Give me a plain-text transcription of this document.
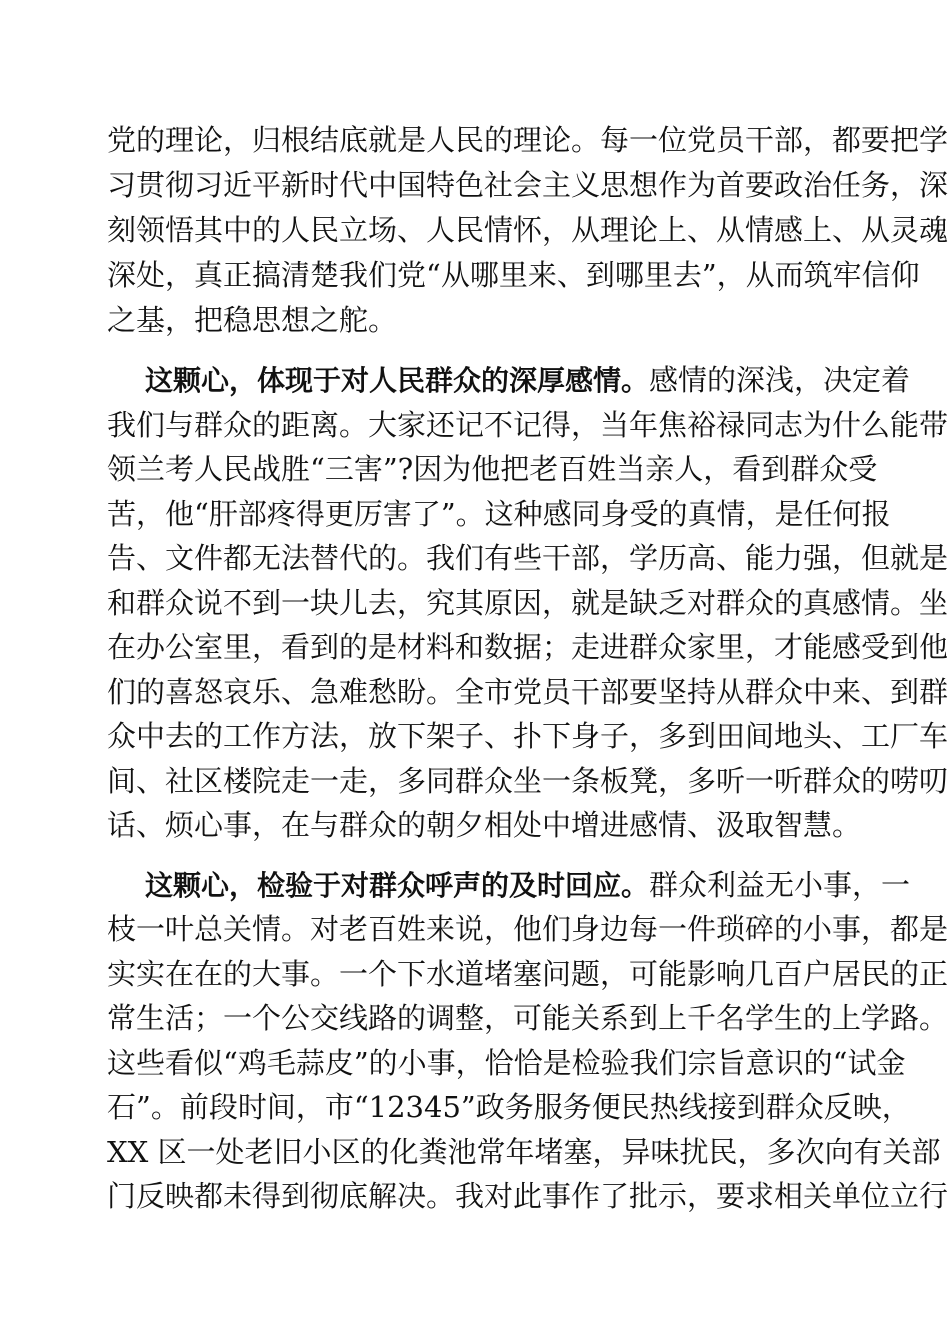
党的理论，归根结底就是人民的理论。每一位党员干部，都要把学
习贯彻习近平新时代中国特色社会主义思想作为首要政治任务，深
刻领悟其中的人民立场、人民情怀，从理论上、从情感上、从灵魂
深处，真正搞清楚我们党“从哪里来、到哪里去”，从而筑牢信仰
之基，把稳思想之舵。
这颗心，体现于对人民群众的深厚感情。感情的深浅，决定着
我们与群众的距离。大家还记不记得，当年焦裕禄同志为什么能带
领兰考人民战胜“三害”?因为他把老百姓当亲人，看到群众受
苦，他“肝部疼得更厉害了”。这种感同身受的真情，是任何报
告、文件都无法替代的。我们有些干部，学历高、能力强，但就是
和群众说不到一块儿去，究其原因，就是缺乏对群众的真感情。坐
在办公室里，看到的是材料和数据；走进群众家里，才能感受到他
们的喜怒哀乐、急难愁盼。全市党员干部要坚持从群众中来、到群
众中去的工作方法，放下架子、扑下身子，多到田间地头、工厂车
间、社区楼院走一走，多同群众坐一条板凳，多听一听群众的唠叨
话、烦心事，在与群众的朝夕相处中增进感情、汲取智慧。
这颗心，检验于对群众呼声的及时回应。群众利益无小事，一
枝一叶总关情。对老百姓来说，他们身边每一件琐碎的小事，都是
实实在在的大事。一个下水道堵塞问题，可能影响几百户居民的正
常生活；一个公交线路的调整，可能关系到上千名学生的上学路。
这些看似“鸡毛蒜皮”的小事，恰恰是检验我们宗旨意识的“试金
石”。前段时间，市“12345”政务服务便民热线接到群众反映，
XX 区一处老旧小区的化粪池常年堵塞，异味扰民，多次向有关部
门反映都未得到彻底解决。我对此事作了批示，要求相关单位立行
